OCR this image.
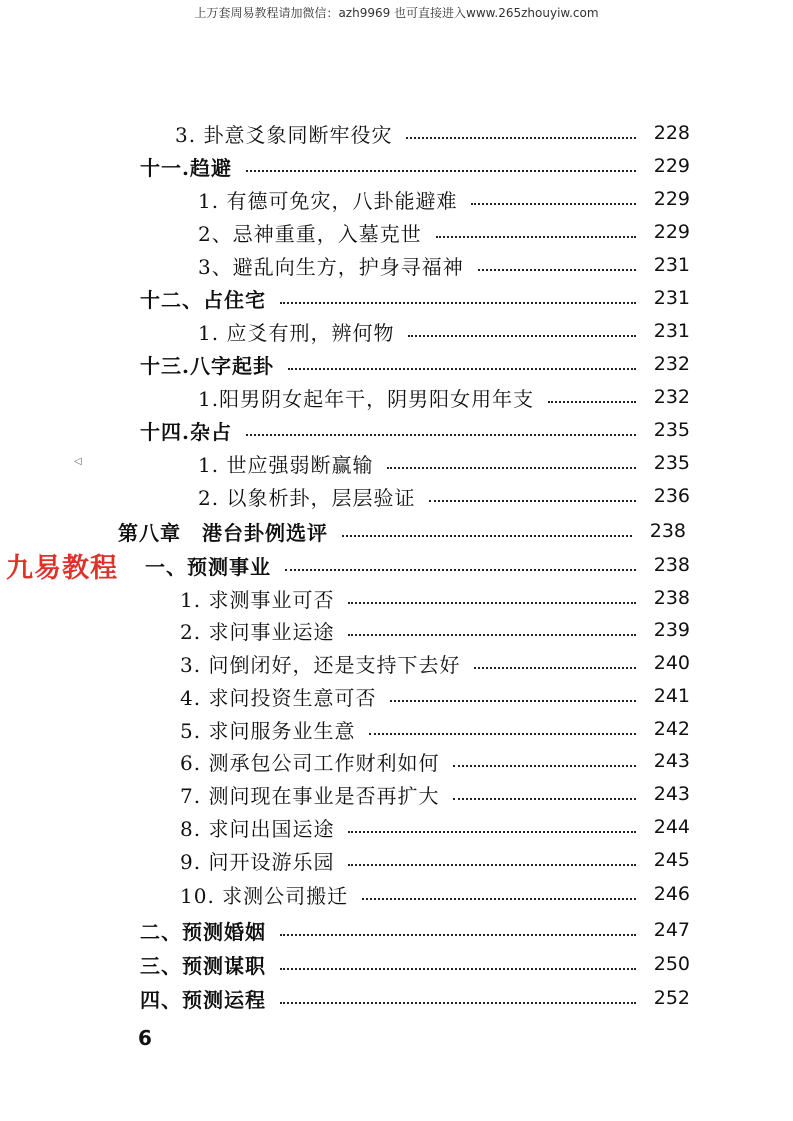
上万套周易教程请加微信：azh9969 也可直接进入www.265zhouyiw.com
◁
3. 卦意爻象同断牢役灾	228
十一.趋避	229
1. 有德可免灾，八卦能避难	229
2、忌神重重，入墓克世	229
3、避乱向生方，护身寻福神	231
十二、占住宅	231
1. 应爻有刑，辨何物	231
十三.八字起卦	232
1.阳男阴女起年干，阴男阳女用年支	232
十四.杂占	235
1. 世应强弱断赢输	235
2. 以象析卦，层层验证	236
第八章　港台卦例选评	238
一、预测事业	238
1. 求测事业可否	238
2. 求问事业运途	239
3. 问倒闭好，还是支持下去好	240
4. 求问投资生意可否	241
5. 求问服务业生意	242
6. 测承包公司工作财利如何	243
7. 测问现在事业是否再扩大	243
8. 求问出国运途	244
9. 问开设游乐园	245
10. 求测公司搬迁	246
二、预测婚姻	247
三、预测谋职	250
四、预测运程	252
九易教程
6
